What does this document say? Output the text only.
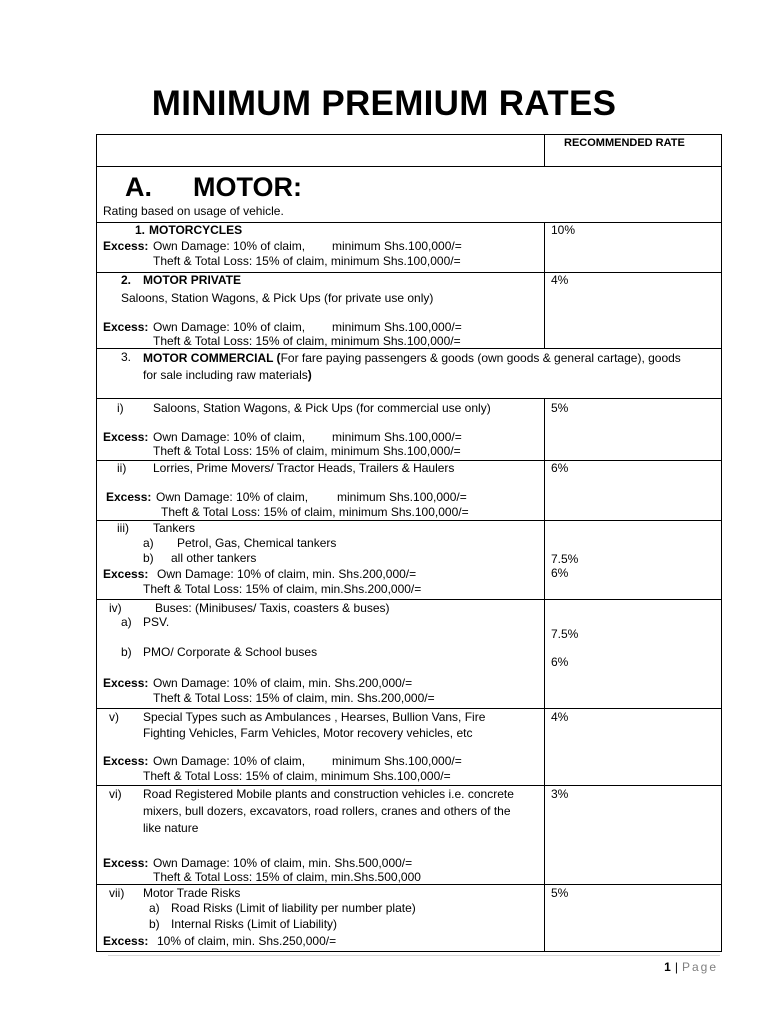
MINIMUM PREMIUM RATES
RECOMMENDED RATE
A. MOTOR:
Rating based on usage of vehicle.
1. MOTORCYCLES
Excess: Own Damage: 10% of claim, minimum Shs.100,000/=
Theft & Total Loss: 15% of claim, minimum Shs.100,000/=
10%
2. MOTOR PRIVATE
Saloons, Station Wagons, & Pick Ups (for private use only)
Excess: Own Damage: 10% of claim, minimum Shs.100,000/=
Theft & Total Loss: 15% of claim, minimum Shs.100,000/=
4%
3. MOTOR COMMERCIAL (For fare paying passengers & goods (own goods & general cartage), goods
for sale including raw materials)
i) Saloons, Station Wagons, & Pick Ups (for commercial use only)
Excess: Own Damage: 10% of claim, minimum Shs.100,000/=
Theft & Total Loss: 15% of claim, minimum Shs.100,000/=
5%
ii) Lorries, Prime Movers/ Tractor Heads, Trailers & Haulers
Excess: Own Damage: 10% of claim, minimum Shs.100,000/=
Theft & Total Loss: 15% of claim, minimum Shs.100,000/=
6%
iii) Tankers
a) Petrol, Gas, Chemical tankers
b) all other tankers
Excess: Own Damage: 10% of claim, min. Shs.200,000/=
Theft & Total Loss: 15% of claim, min.Shs.200,000/=
7.5%
6%
iv)	Buses: (Minibuses/ Taxis, coasters & buses)
a) PSV.
b) PMO/ Corporate & School buses
Excess: Own Damage: 10% of claim, min. Shs.200,000/=
Theft & Total Loss: 15% of claim, min. Shs.200,000/=
7.5%
6%
v) Special Types such as Ambulances , Hearses, Bullion Vans, Fire
Fighting Vehicles, Farm Vehicles, Motor recovery vehicles, etc
Excess: Own Damage: 10% of claim, minimum Shs.100,000/=
Theft & Total Loss: 15% of claim, minimum Shs.100,000/=
4%
vi) Road Registered Mobile plants and construction vehicles i.e. concrete
mixers, bull dozers, excavators, road rollers, cranes and others of the
like nature
Excess: Own Damage: 10% of claim, min. Shs.500,000/=
Theft & Total Loss: 15% of claim, min.Shs.500,000
3%
vii) Motor Trade Risks
a) Road Risks (Limit of liability per number plate)
b) Internal Risks (Limit of Liability)
Excess: 10% of claim, min. Shs.250,000/=
5%
1 | Page
